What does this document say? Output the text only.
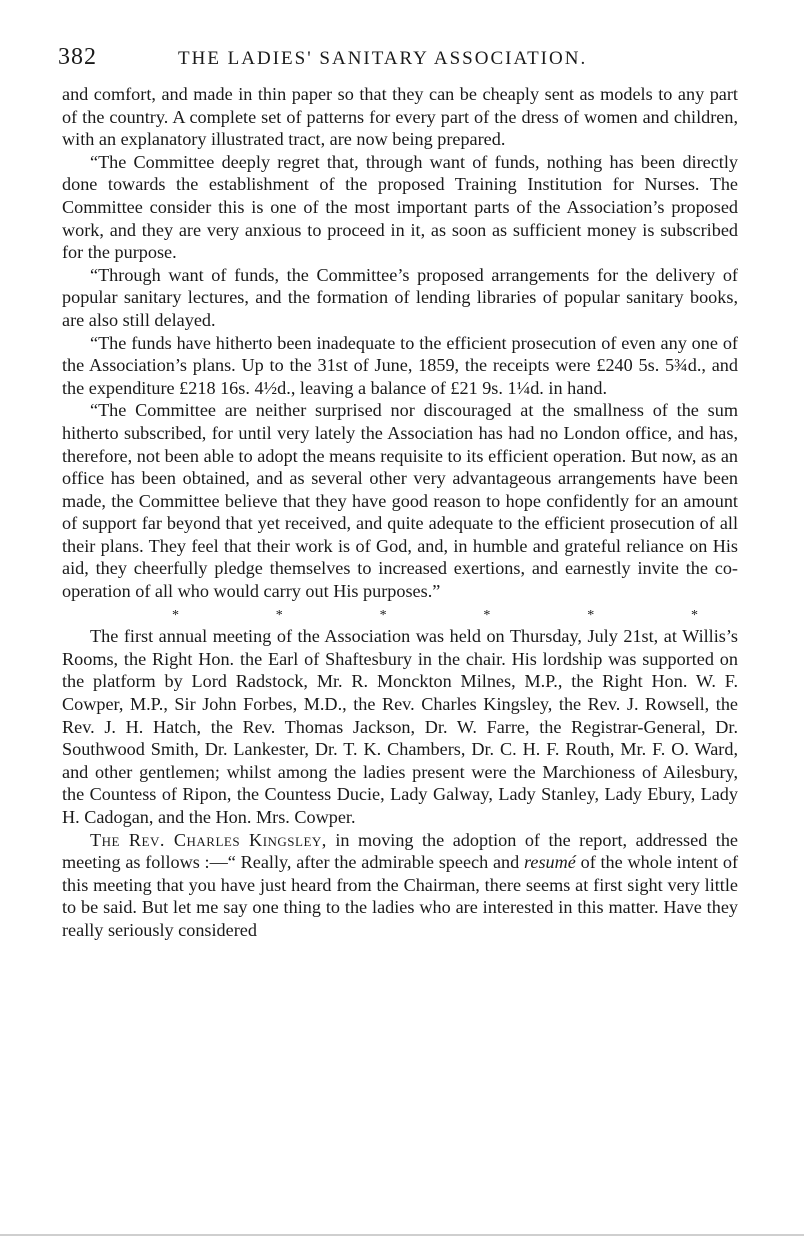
382	THE LADIES' SANITARY ASSOCIATION.

and comfort, and made in thin paper so that they can be cheaply sent as models to any part of the country. A complete set of patterns for every part of the dress of women and children, with an explanatory illustrated tract, are now being prepared.

“The Committee deeply regret that, through want of funds, nothing has been directly done towards the establishment of the proposed Training Institution for Nurses. The Committee consider this is one of the most important parts of the Association’s proposed work, and they are very anxious to proceed in it, as soon as sufficient money is subscribed for the purpose.

“Through want of funds, the Committee’s proposed arrangements for the delivery of popular sanitary lectures, and the formation of lending libraries of popular sanitary books, are also still delayed.

“The funds have hitherto been inadequate to the efficient prosecution of even any one of the Association’s plans. Up to the 31st of June, 1859, the receipts were £240 5s. 5¾d., and the expenditure £218 16s. 4½d., leaving a balance of £21 9s. 1¼d. in hand.

“The Committee are neither surprised nor discouraged at the smallness of the sum hitherto subscribed, for until very lately the Association has had no London office, and has, therefore, not been able to adopt the means requisite to its efficient operation. But now, as an office has been obtained, and as several other very advantageous arrangements have been made, the Committee believe that they have good reason to hope confidently for an amount of support far beyond that yet received, and quite adequate to the efficient prosecution of all their plans. They feel that their work is of God, and, in humble and grateful reliance on His aid, they cheerfully pledge themselves to increased exertions, and earnestly invite the co-operation of all who would carry out His purposes.”

*	*	*	*	*	*

The first annual meeting of the Association was held on Thursday, July 21st, at Willis’s Rooms, the Right Hon. the Earl of Shaftesbury in the chair. His lordship was supported on the platform by Lord Radstock, Mr. R. Monckton Milnes, M.P., the Right Hon. W. F. Cowper, M.P., Sir John Forbes, M.D., the Rev. Charles Kingsley, the Rev. J. Rowsell, the Rev. J. H. Hatch, the Rev. Thomas Jackson, Dr. W. Farre, the Registrar-General, Dr. Southwood Smith, Dr. Lankester, Dr. T. K. Chambers, Dr. C. H. F. Routh, Mr. F. O. Ward, and other gentlemen; whilst among the ladies present were the Marchioness of Ailesbury, the Countess of Ripon, the Countess Ducie, Lady Galway, Lady Stanley, Lady Ebury, Lady H. Cadogan, and the Hon. Mrs. Cowper.

The Rev. Charles Kingsley, in moving the adoption of the report, addressed the meeting as follows :—“ Really, after the admirable speech and resumé of the whole intent of this meeting that you have just heard from the Chairman, there seems at first sight very little to be said. But let me say one thing to the ladies who are interested in this matter. Have they really seriously considered
